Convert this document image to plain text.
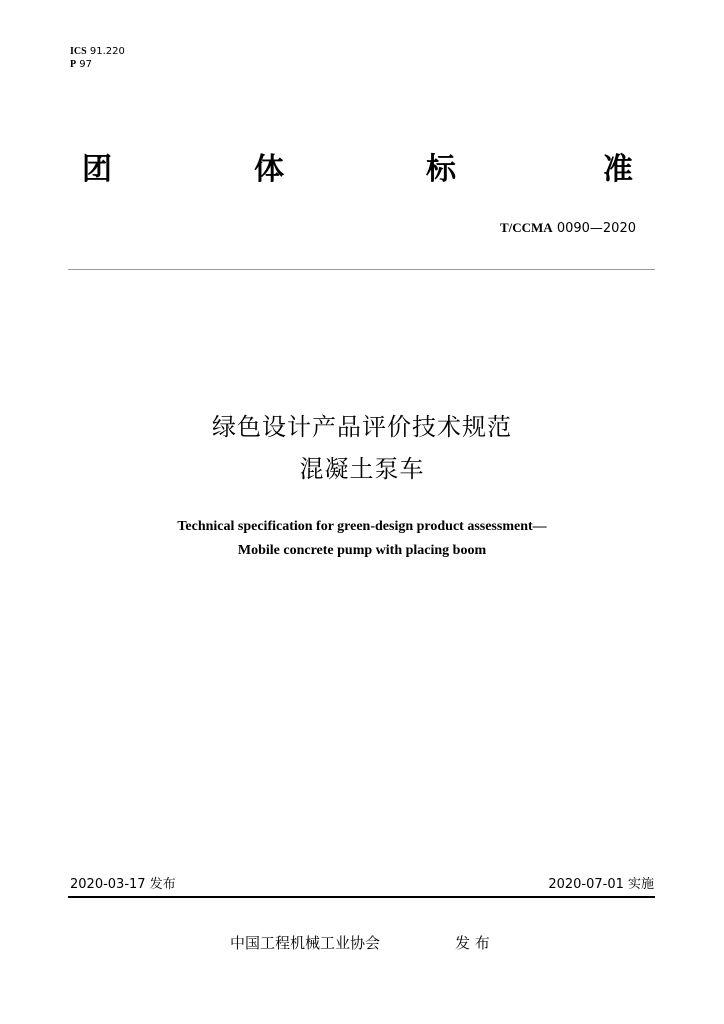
ICS 91.220
P 97
团	体	标	准
T/CCMA 0090—2020
绿色设计产品评价技术规范
混凝土泵车
Technical specification for green-design product assessment—
Mobile concrete pump with placing boom
2020-03-17 发布	2020-07-01 实施
中国工程机械工业协会	发 布
